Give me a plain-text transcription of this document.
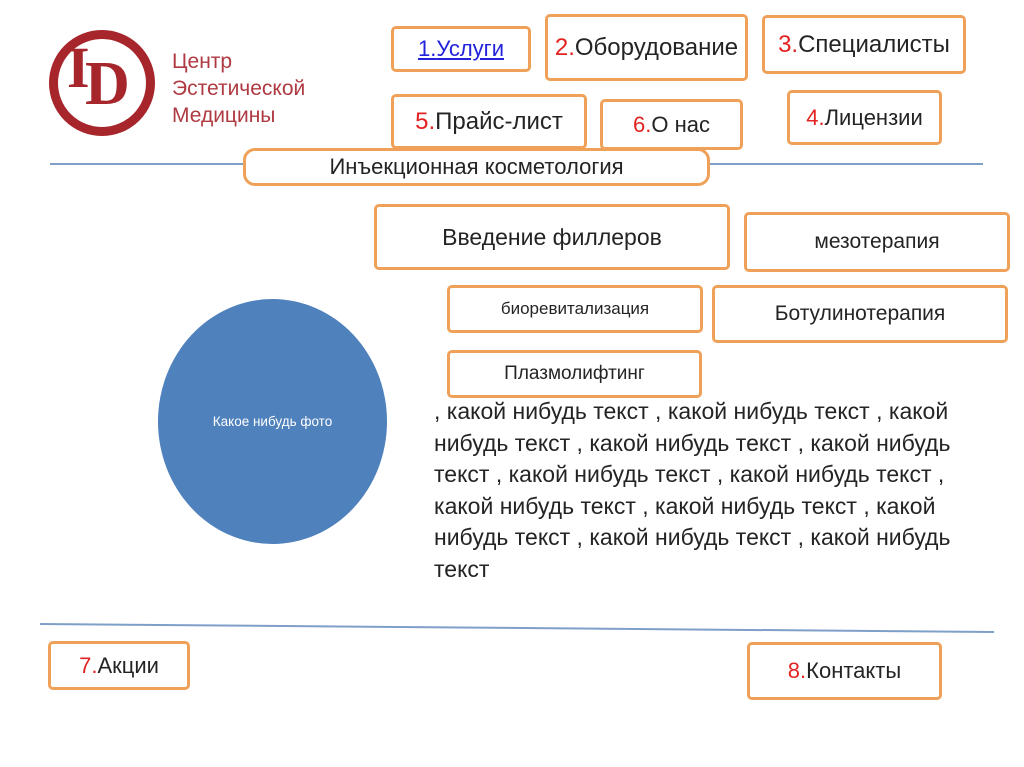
I
D Центр
Эстетической
Медицины
1.Услуги 2.Оборудование 3.Специалисты
5.Прайс-лист	6.О нас	4.Лицензии
Инъекционная косметология
Введение филлеров	мезотерапия
биоревитализация	Ботулинотерапия
Плазмолифтинг
Какое нибудь фото	, какой нибудь текст , какой нибудь текст , какой нибудь текст , какой нибудь текст , какой нибудь текст , какой нибудь текст , какой нибудь текст , какой нибудь текст , какой нибудь текст , какой нибудь текст , какой нибудь текст , какой нибудь текст
7.Акции	8.Контакты
